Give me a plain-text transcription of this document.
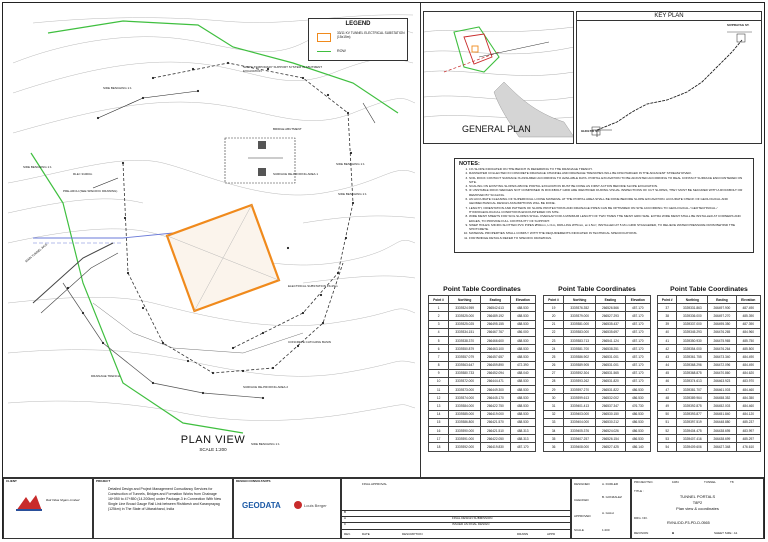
LEGEND
33/11 KV TUNNEL ELECTRICAL SUBSTATION (15x15m)
ROW
SLOPE TEMPORARY SUPPORT SYSTEM IN ABUTMENT EXCAVATION
BRIDGE ABUTMENT
SIDE BENCHING 1:1
SIDE BENCHING 1:1
SIDE BENCHING 1:1
SIDE BENCHING 1:1
SIDE BENCHING 1:1
RLE= 31000m	SURFACE RE-PROFING AREA 1
SURFACE RE-PROFING AREA 2
PRE-ARCH (SEE SPECIFIC DRAWING)
MAIN TUNNEL AXIS
ELECTRICAL SUBSTATION 15x15m
CONCRETE CATCHING BASIN
DRAINAGE TRENCH
PLAN VIEW
SCALE 1:200
GENERAL PLAN
KEY PLAN
SIVPRAYAG ST.
GHOLTIR ST.
NOTES:
1. 1% SLOPE INDICATED ON THE BENCH IS REFERRING TO THE DRAINAGE TRENCH.
2. RAINWATER COLLECTED IN CONCRETE DRAINAGE CHANNEL AND DRAINAGE TRENCHES WILL BE DISCHARGED IN THE ADJACENT STREAM/ RIVER.
3. SOIL ROCK CONTACT SURFACE IS ASSUMED ACCORDING TO AVAILABLE DATA. PORTAL EXCAVATION TO BE ADJUSTED ACCORDING TO REAL CONTACT SURFACE ENCOUNTERED ON SITE.
4. SCALING ON EXISTING SLOPES ABOVE PORTAL EXCAVATION MUST BE DONE AS FIRST ACTION BEFORE SLOPE EXCAVATION.
5. IF UNSTABLE ROCK WEDGES NOT COMPRISED IN ROCKBOLT GRID ARE IDENTIFIED DURING VISUAL INSPECTIONS OF CUT SLOPES, THEY MUST BE SECURED WITH A ROCKBOLT OR REMOVED BY SCALING.
6. AN ACCURATE CLEANING OF SUPERFICIAL LOOSE MATERIAL AT THE PORTAL AREA SHALL BE DONE BEFORE SLOPE EXCAVATION. ACCURATE CHECK OF GEOLOGICAL AND GEOMECHANICAL DESIGN ASSUMPTIONS WILL BE DONE.
7. LENGTH, ORIENTATION AND PATTERN OF SLOPE PROTECTIONS AND DRAINAGE PIPES CAN BE OPTIMIZED ON SITE ACCORDING TO GEOLOGICAL / GEOTECHNICAL / HYDROGEOLOGICAL CONDITIONS ENCOUNTERED ON SITE.
8. WIRE MESH SHEETS FOR SOIL SLOPES SHALL OVERLAP FOR A MINIMUM LENGTH OF TWO TIMES THE MESH GRID SIZE. EXTRA WIRE MESH SHALL BE INSTALLED AT CORNERS AND EDGES, TO PROVIDE FULL CONTINUITY OF SUPPORT.
9. SWEP HOLES: MICRO-SLOTTED PVC PIPES Ø50mm, L=1m, DRILLING Ø75mm, at 1.5m²; INSTALLED AT 5 Mm GRID STAGGERED, TO RELIEVE WATER PRESSURE FROM BEHIND THE SHOTCRETE.
10. MATERIAL PROPERTIES SHALL COMPLY WITH THE REQUIREMENTS INDICATED IN TECHNICAL SPECIFICATIONS.
11. FOR BRIDGE DETAILS REFER TO SPECIFIC DRAWINGS.
Point Table Coordinates
Point #	Northing	Easting	Elevation
1	3339324.959	266542.613	488.530
2	3339325.000	266489.192	488.530
3	3339325.025	266495.155	488.530
4	3339334.151	266467.767	486.000
5	3339338.370	266466.600	488.530
6	3339350.879	266463.100	488.530
7	3339357.079	266457.657	488.530
8	3339363.647	266459.890	472.390
9	3339380.733	266452.094	488.040
10	3339372.000	266444.471	488.530
11	3339373.000	266449.300	488.530
12	3339374.000	266445.170	488.530
13	3339384.000	266422.750	488.530
14	3339385.000	266419.000	488.530
15	3339386.800	266421.570	488.530
16	3339390.000	266421.510	488.313
17	3339391.000	266422.050	488.313
18	3339392.000	266419.830	487.170
Point Table Coordinates
Point #	Northing	Easting	Elevation
19	3339376.352	266526.566	457.170
20	3339379.000	266527.293	457.170
21	3339381.000	266535.437	457.170
22	3339383.000	266535.697	457.170
23	3339383.713	266541.124	457.170
24	3339381.700	266538.251	457.170
25	3339386.902	266531.001	457.170
26	3339389.905	266531.001	457.170
27	3339392.304	266531.565	457.170
28	3339393.262	266531.820	457.170
29	3339397.270	266531.822	486.530
30	3339399.613	266532.002	486.530
31	3339401.413	266537.347	476.730
32	3339403.000	266530.150	486.530
33	3339404.000	266530.212	486.530
34	3339405.376	266524.026	486.530
35	3339407.257	266526.154	486.530
36	3339408.000	266527.425	486.140
Point Table Coordinates
Point #	Northing	Easting	Elevation
37	3339331.863	266497.900	487.490
38	3339336.000	266497.270	485.390
39	3339337.000	266495.350	487.390
40	3339345.293	266476.265	484.960
41	3339350.930	266475.965	485.750
42	3339354.000	266476.264	485.500
43	3339361.755	266473.340	484.490
44	3339368.296	266472.096	484.490
45	3339368.875	266470.860	484.620
46	3339374.613	266463.923	483.970
47	3339381.707	266461.003	484.460
48	3339389.964	266458.352	484.350
49	3339392.875	266452.003	484.460
50	3339393.877	266451.840	484.120
51	3339397.519	266448.880	485.237
52	3339404.475	266438.695	483.997
53	3339407.416	266438.699	485.297
54	3339409.606	266427.348	476.610
CLIENT
Rail Vikas Nigam Limited
PROJECT
Detailed Design and Project Management Consultancy Services for Construction of Tunnels, Bridges and Formation Works from Chainage 16+050 to 47+850 (14.200km) under Package-3 in Connection With New Single Line Broad Gauge Rail Link between Rishikesh and Karanprayag (125km) in The State of Uttarakhand, India
DESIGN CONSULTANTS
GEODATA	Louis Berger
FINAL APPROVAL
B
A	FINAL DESIGN SUBMISSION
0	ISSUED AS FINAL DESIGN
REV.	DATE	DESCRIPTION	DRAWN	APPD
DESIGNED	A. DURLER
CHECKED
B. GONZALEZ
APPROVED
A. GALLI
SCALE	1:200
PROJECTNO.	1084	TUNNEL	T8
TITLE :
TUNNEL PORTALS
T8P2
Plan view & coordinates
DRG. NO.
RVNL/DD-P3-PD-D-0565
REVISION	B	SHEET SIZE : A1
